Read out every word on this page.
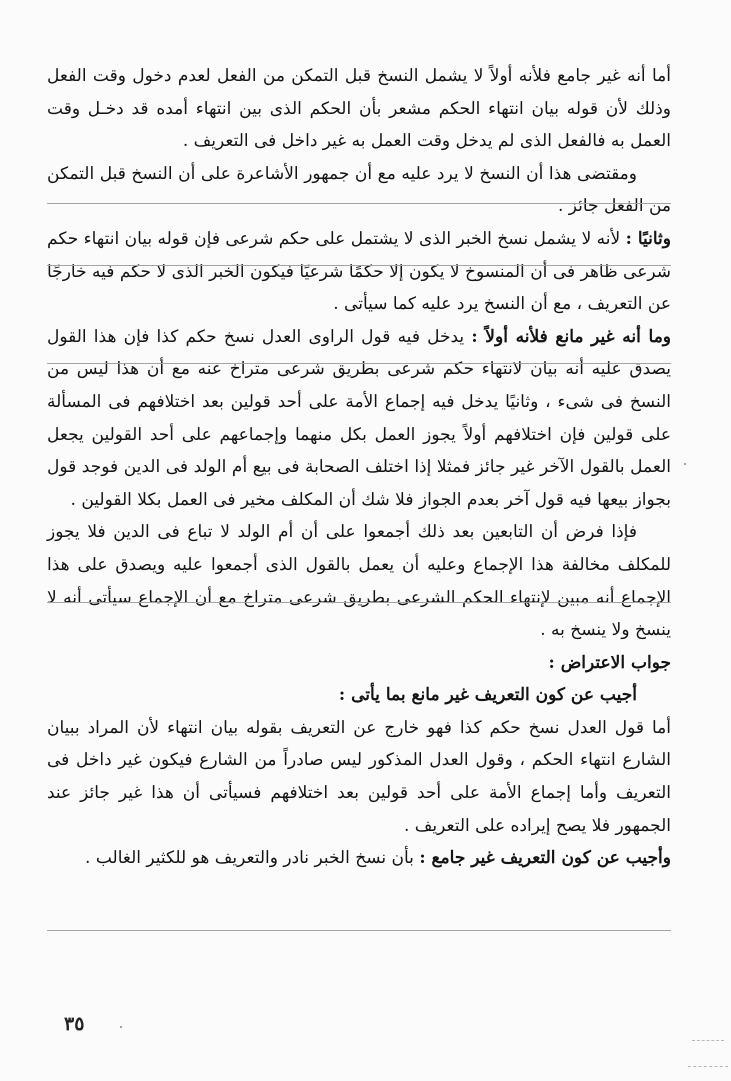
أما أنه غير جامع فلأنه أولاً لا يشمل النسخ قبل التمكن من الفعل لعدم دخول وقت الفعل وذلك لأن قوله بيان انتهاء الحكم مشعر بأن الحكم الذى بين انتهاء أمده قد دخـل وقت العمل به فالفعل الذى لم يدخل وقت العمل به غير داخل فى التعريف .

ومقتضى هذا أن النسخ لا يرد عليه مع أن جمهور الأشاعرة على أن النسخ قبل التمكن من الفعل جائز .

وثانيًا : لأنه لا يشمل نسخ الخبر الذى لا يشتمل على حكم شرعى فإن قوله بيان انتهاء حكم شرعى ظاهر فى أن المنسوخ لا يكون إلا حكمًا شرعيًا فيكون الخبر الذى لا حكم فيه خارجًا عن التعريف ، مع أن النسخ يرد عليه كما سيأتى .

وما أنه غير مانع فلأنه أولاً : يدخل فيه قول الراوى العدل نسخ حكم كذا فإن هذا القول يصدق عليه أنه بيان لانتهاء حكم شرعى بطريق شرعى متراخ عنه مع أن هذا ليس من النسخ فى شىء ، وثانيًا يدخل فيه إجماع الأمة على أحد قولين بعد اختلافهم فى المسألة على قولين فإن اختلافهم أولاً يجوز العمل بكل منهما وإجماعهم على أحد القولين يجعل العمل بالقول الآخر غير جائز فمثلا إذا اختلف الصحابة فى بيع أم الولد فى الدين فوجد قول بجواز بيعها فيه قول آخر بعدم الجواز فلا شك أن المكلف مخير فى العمل بكلا القولين .

فإذا فرض أن التابعين بعد ذلك أجمعوا على أن أم الولد لا تباع فى الدين فلا يجوز للمكلف مخالفة هذا الإجماع وعليه أن يعمل بالقول الذى أجمعوا عليه ويصدق على هذا الإجماع أنه مبين لإنتهاء الحكم الشرعى بطريق شرعى متراخ مع أن الإجماع سيأتى أنه لا ينسخ ولا ينسخ به .

جواب الاعتراض :

أجيب عن كون التعريف غير مانع بما يأتى :

أما قول العدل نسخ حكم كذا فهو خارج عن التعريف بقوله بيان انتهاء لأن المراد ببيان الشارع انتهاء الحكم ، وقول العدل المذكور ليس صادراً من الشارع فيكون غير داخل فى التعريف وأما إجماع الأمة على أحد قولين بعد اختلافهم فسيأتى أن هذا غير جائز عند الجمهور فلا يصح إيراده على التعريف .

وأجيب عن كون التعريف غير جامع : بأن نسخ الخبر نادر والتعريف هو للكثير الغالب .

٣٥
